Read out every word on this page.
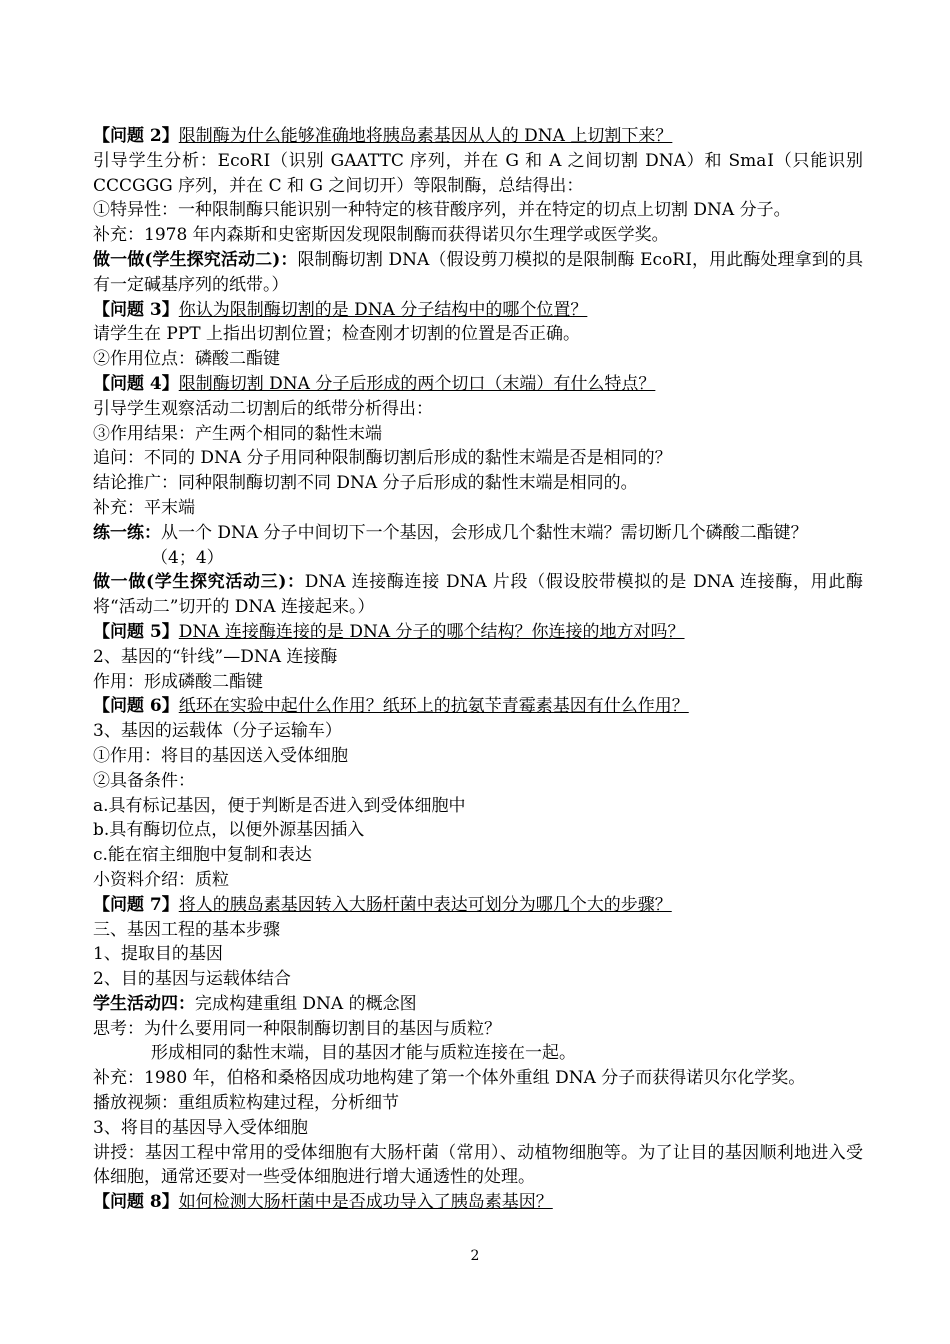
【问题 2】限制酶为什么能够准确地将胰岛素基因从人的 DNA 上切割下来？
引导学生分析：EcoRⅠ（识别 GAATTC 序列，并在 G 和 A 之间切割 DNA）和 SmaⅠ（只能识别 CCCGGG 序列，并在 C 和 G 之间切开）等限制酶，总结得出：
①特异性：一种限制酶只能识别一种特定的核苷酸序列，并在特定的切点上切割 DNA 分子。
补充：1978 年内森斯和史密斯因发现限制酶而获得诺贝尔生理学或医学奖。
做一做(学生探究活动二)：限制酶切割 DNA（假设剪刀模拟的是限制酶 EcoRⅠ，用此酶处理拿到的具有一定碱基序列的纸带。）
【问题 3】你认为限制酶切割的是 DNA 分子结构中的哪个位置？
请学生在 PPT 上指出切割位置；检查刚才切割的位置是否正确。
②作用位点：磷酸二酯键
【问题 4】限制酶切割 DNA 分子后形成的两个切口（末端）有什么特点？
引导学生观察活动二切割后的纸带分析得出：
③作用结果：产生两个相同的黏性末端
追问：不同的 DNA 分子用同种限制酶切割后形成的黏性末端是否是相同的？
结论推广：同种限制酶切割不同 DNA 分子后形成的黏性末端是相同的。
补充：平末端
练一练：从一个 DNA 分子中间切下一个基因，会形成几个黏性末端？需切断几个磷酸二酯键？
（4；4）
做一做(学生探究活动三)：DNA 连接酶连接 DNA 片段（假设胶带模拟的是 DNA 连接酶，用此酶将“活动二”切开的 DNA 连接起来。）
【问题 5】DNA 连接酶连接的是 DNA 分子的哪个结构？你连接的地方对吗？
2、基因的“针线”—DNA 连接酶
作用：形成磷酸二酯键
【问题 6】纸环在实验中起什么作用？纸环上的抗氨苄青霉素基因有什么作用？
3、基因的运载体（分子运输车）
①作用：将目的基因送入受体细胞
②具备条件：
a.具有标记基因，便于判断是否进入到受体细胞中
b.具有酶切位点，以便外源基因插入
c.能在宿主细胞中复制和表达
小资料介绍：质粒
【问题 7】将人的胰岛素基因转入大肠杆菌中表达可划分为哪几个大的步骤？
三、基因工程的基本步骤
1、提取目的基因
2、目的基因与运载体结合
学生活动四：完成构建重组 DNA 的概念图
思考：为什么要用同一种限制酶切割目的基因与质粒？
形成相同的黏性末端，目的基因才能与质粒连接在一起。
补充：1980 年，伯格和桑格因成功地构建了第一个体外重组 DNA 分子而获得诺贝尔化学奖。
播放视频：重组质粒构建过程，分析细节
3、将目的基因导入受体细胞
讲授：基因工程中常用的受体细胞有大肠杆菌（常用）、动植物细胞等。为了让目的基因顺利地进入受体细胞，通常还要对一些受体细胞进行增大通透性的处理。
【问题 8】如何检测大肠杆菌中是否成功导入了胰岛素基因？
2
